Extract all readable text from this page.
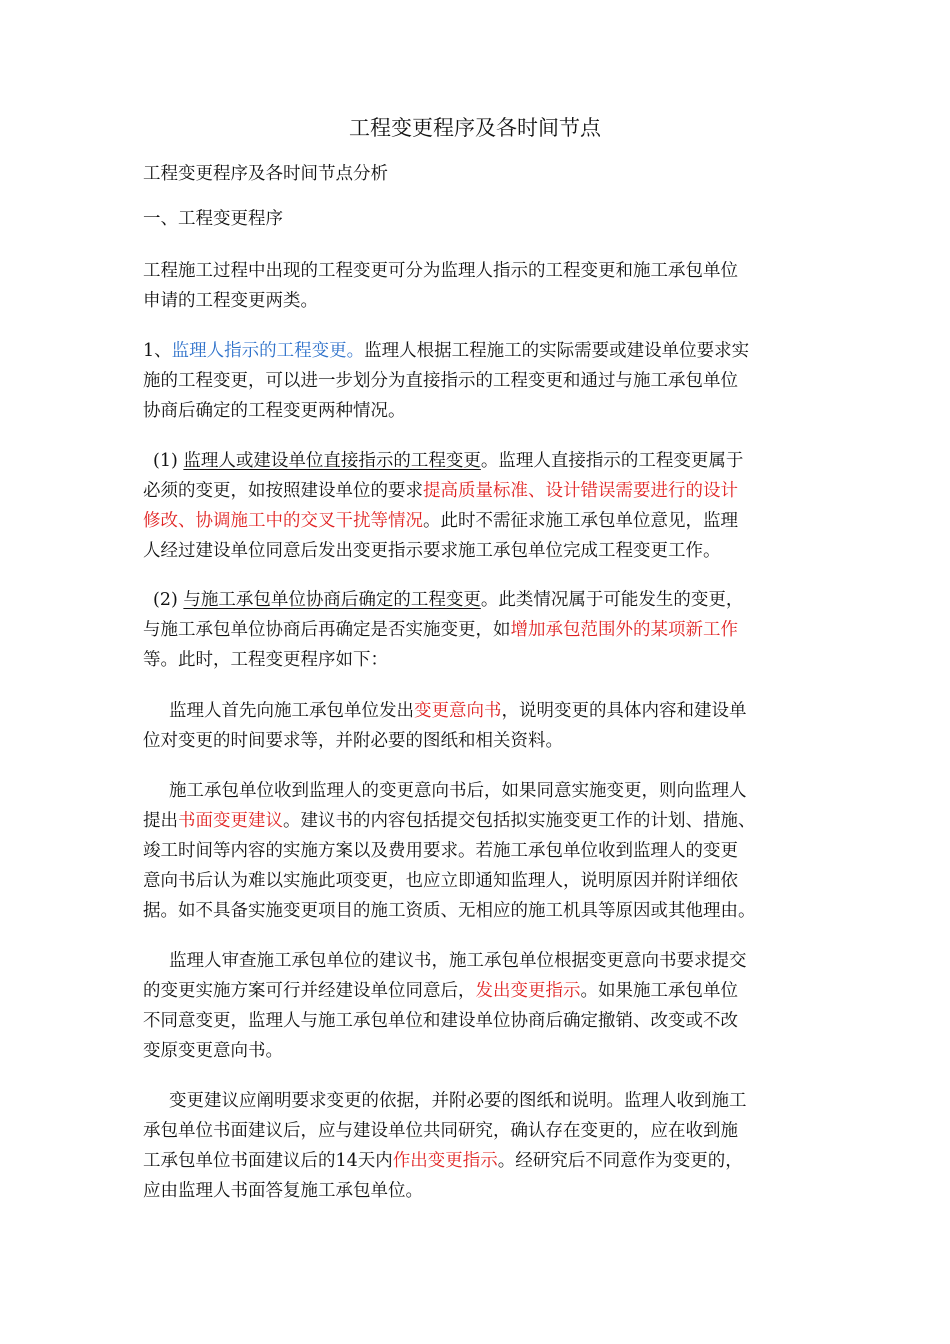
工程变更程序及各时间节点
工程变更程序及各时间节点分析
一、工程变更程序
工程施工过程中出现的工程变更可分为监理人指示的工程变更和施工承包单位
申请的工程变更两类。
1、监理人指示的工程变更。监理人根据工程施工的实际需要或建设单位要求实
施的工程变更，可以进一步划分为直接指示的工程变更和通过与施工承包单位
协商后确定的工程变更两种情况。
(1) 监理人或建设单位直接指示的工程变更。监理人直接指示的工程变更属于
必须的变更，如按照建设单位的要求提高质量标准、设计错误需要进行的设计
修改、协调施工中的交叉干扰等情况。此时不需征求施工承包单位意见，监理
人经过建设单位同意后发出变更指示要求施工承包单位完成工程变更工作。
(2) 与施工承包单位协商后确定的工程变更。此类情况属于可能发生的变更，
与施工承包单位协商后再确定是否实施变更，如增加承包范围外的某项新工作
等。此时，工程变更程序如下：
监理人首先向施工承包单位发出变更意向书，说明变更的具体内容和建设单
位对变更的时间要求等，并附必要的图纸和相关资料。
施工承包单位收到监理人的变更意向书后，如果同意实施变更，则向监理人
提出书面变更建议。建议书的内容包括提交包括拟实施变更工作的计划、措施、
竣工时间等内容的实施方案以及费用要求。若施工承包单位收到监理人的变更
意向书后认为难以实施此项变更，也应立即通知监理人，说明原因并附详细依
据。如不具备实施变更项目的施工资质、无相应的施工机具等原因或其他理由。
监理人审查施工承包单位的建议书，施工承包单位根据变更意向书要求提交
的变更实施方案可行并经建设单位同意后，发出变更指示。如果施工承包单位
不同意变更，监理人与施工承包单位和建设单位协商后确定撤销、改变或不改
变原变更意向书。
变更建议应阐明要求变更的依据，并附必要的图纸和说明。监理人收到施工
承包单位书面建议后，应与建设单位共同研究，确认存在变更的，应在收到施
工承包单位书面建议后的14天内作出变更指示。经研究后不同意作为变更的，
应由监理人书面答复施工承包单位。
